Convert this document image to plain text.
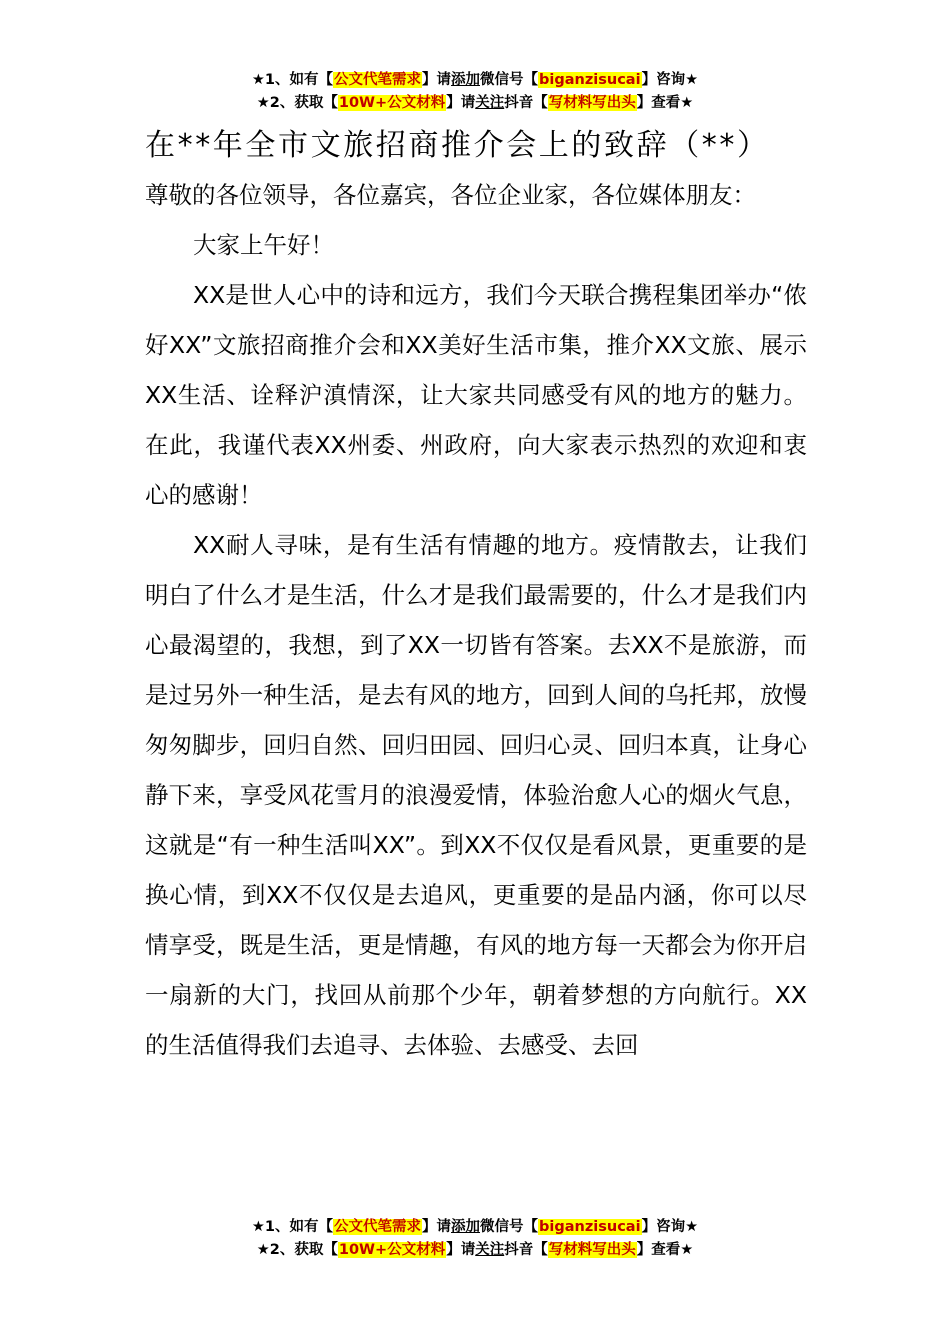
★1、如有【公文代笔需求】请添加微信号【biganzisucai】咨询★
★2、获取【10W+公文材料】请关注抖音【写材料写出头】查看★
在**年全市文旅招商推介会上的致辞（**）

尊敬的各位领导，各位嘉宾，各位企业家，各位媒体朋友：

大家上午好！

XX是世人心中的诗和远方，我们今天联合携程集团举办“侬好XX”文旅招商推介会和XX美好生活市集，推介XX文旅、展示XX生活、诠释沪滇情深，让大家共同感受有风的地方的魅力。在此，我谨代表XX州委、州政府，向大家表示热烈的欢迎和衷心的感谢！

XX耐人寻味，是有生活有情趣的地方。疫情散去，让我们明白了什么才是生活，什么才是我们最需要的，什么才是我们内心最渴望的，我想，到了XX一切皆有答案。去XX不是旅游，而是过另外一种生活，是去有风的地方，回到人间的乌托邦，放慢匆匆脚步，回归自然、回归田园、回归心灵、回归本真，让身心静下来，享受风花雪月的浪漫爱情，体验治愈人心的烟火气息，这就是“有一种生活叫XX”。到XX不仅仅是看风景，更重要的是换心情，到XX不仅仅是去追风，更重要的是品内涵，你可以尽情享受，既是生活，更是情趣，有风的地方每一天都会为你开启一扇新的大门，找回从前那个少年，朝着梦想的方向航行。XX的生活值得我们去追寻、去体验、去感受、去回

★1、如有【公文代笔需求】请添加微信号【biganzisucai】咨询★
★2、获取【10W+公文材料】请关注抖音【写材料写出头】查看★
